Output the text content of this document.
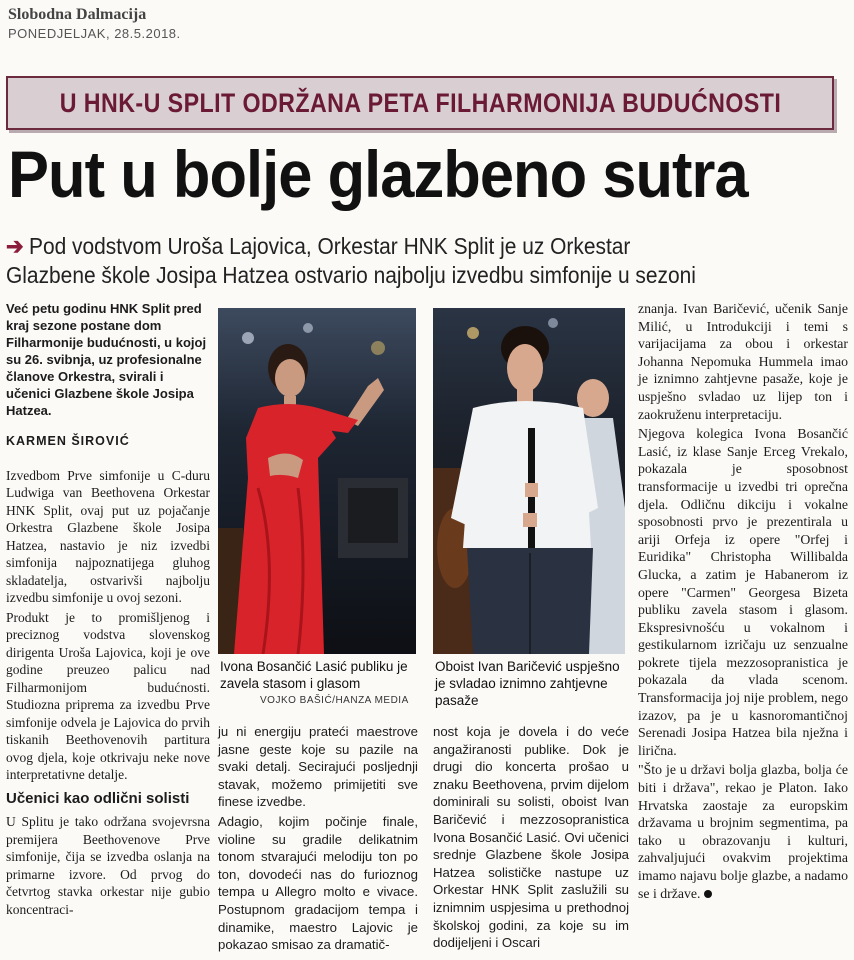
Slobodna Dalmacija
PONEDJELJAK, 28.5.2018.
U HNK-U SPLIT ODRŽANA PETA FILHARMONIJA BUDUĆNOSTI
Put u bolje glazbeno sutra
➔ Pod vodstvom Uroša Lajovica, Orkestar HNK Split je uz Orkestar
Glazbene škole Josipa Hatzea ostvario najbolju izvedbu simfonije u sezoni

Već petu godinu HNK Split pred kraj sezone postane dom Filharmonije budućnosti, u kojoj su 26. svibnja, uz profesionalne članove Orkestra, svirali i učenici Glazbene škole Josipa Hatzea.

KARMEN ŠIROVIĆ

Izvedbom Prve simfonije u C-duru Ludwiga van Beethovena Orkestar HNK Split, ovaj put uz pojačanje Orkestra Glazbene škole Josipa Hatzea, nastavio je niz izvedbi simfonija najpoznatijega gluhog skladatelja, ostvarivši najbolju izvedbu simfonije u ovoj sezoni.

Produkt je to promišljenog i preciznog vodstva slovenskog dirigenta Uroša Lajovica, koji je ove godine preuzeo palicu nad Filharmonijom budućnosti. Studiozna priprema za izvedbu Prve simfonije odvela je Lajovica do prvih tiskanih Beethovenovih partitura ovog djela, koje otkrivaju neke nove interpretativne detalje.

Učenici kao odlični solisti

U Splitu je tako održana svojevrsna premijera Beethovenove Prve simfonije, čija se izvedba oslanja na primarne izvore. Od prvog do četvrtog stavka orkestar nije gubio koncentraci-

Ivona Bosančić Lasić publiku je zavela stasom i glasom
VOJKO BAŠIĆ/HANZA MEDIA
Oboist Ivan Baričević uspješno je svladao iznimno zahtjevne pasaže

ju ni energiju prateći maestrove jasne geste koje su pazile na svaki detalj. Secirajući posljednji stavak, možemo primijetiti sve finese izvedbe.

Adagio, kojim počinje finale, violine su gradile delikatnim tonom stvarajući melodiju ton po ton, dovodeći nas do furioznog tempa u Allegro molto e vivace. Postupnom gradacijom tempa i dinamike, maestro Lajovic je pokazao smisao za dramatič-

nost koja je dovela i do veće angažiranosti publike. Dok je drugi dio koncerta prošao u znaku Beethovena, prvim dijelom dominirali su solisti, oboist Ivan Baričević i mezzosopranistica Ivona Bosančić Lasić. Ovi učenici srednje Glazbene škole Josipa Hatzea solističke nastupe uz Orkestar HNK Split zaslužili su iznimnim uspjesima u prethodnoj školskoj godini, za koje su im dodijeljeni i Oscari

znanja. Ivan Baričević, učenik Sanje Milić, u Introdukciji i temi s varijacijama za obou i orkestar Johanna Nepomuka Hummela imao je iznimno zahtjevne pasaže, koje je uspješno svladao uz lijep ton i zaokruženu interpretaciju.

Njegova kolegica Ivona Bosančić Lasić, iz klase Sanje Erceg Vrekalo, pokazala je sposobnost transformacije u izvedbi tri oprečna djela. Odličnu dikciju i vokalne sposobnosti prvo je prezentirala u ariji Orfeja iz opere "Orfej i Euridika" Christopha Willibalda Glucka, a zatim je Habanerom iz opere "Carmen" Georgesa Bizeta publiku zavela stasom i glasom. Ekspresivnošću u vokalnom i gestikularnom izričaju uz senzualne pokrete tijela mezzosopranistica je pokazala da vlada scenom. Transformacija joj nije problem, nego izazov, pa je u kasnoromantičnoj Serenadi Josipa Hatzea bila nježna i lirična.

"Što je u državi bolja glazba, bolja će biti i država", rekao je Platon. Iako Hrvatska zaostaje za europskim državama u brojnim segmentima, pa tako u obrazovanju i kulturi, zahvaljujući ovakvim projektima imamo najavu bolje glazbe, a nadamo se i države.
